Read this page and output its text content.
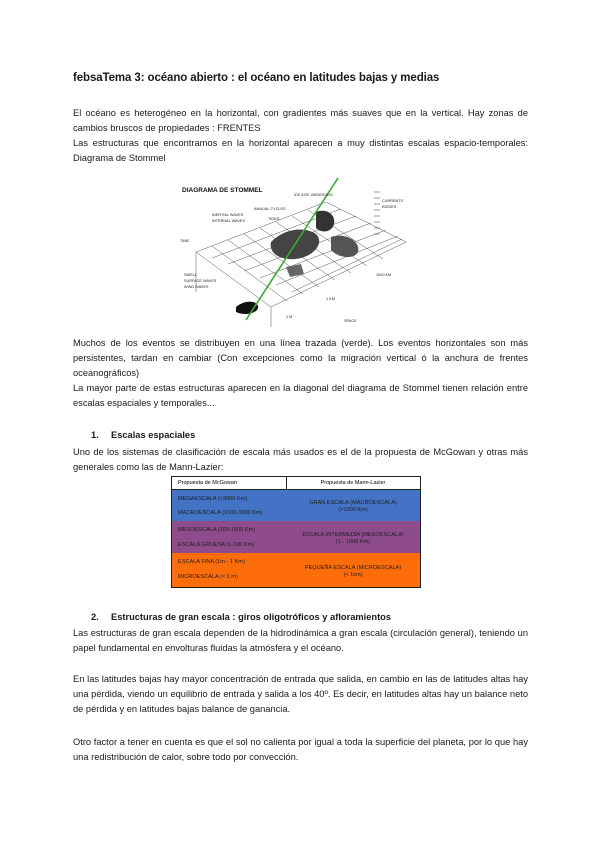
febsaTema 3: océano abierto : el océano en latitudes bajas y medias

El océano es heterogéneo en la horizontal, con gradientes más suaves que en la vertical. Hay zonas de cambios bruscos de propiedades : FRENTES

Las estructuras que encontramos en la horizontal aparecen a muy distintas escalas espacio-temporales: Diagrama de Stommel

DIAGRAMA DE STOMMEL
ICE AGE VARIATIONS
ANNUAL CYCLES
TIDES
INERTIAL WAVES
INTERNAL WAVES
SWELL
SURFACE WAVES
WIND WAVES
CURRENTS
EDDIES
1 M
1 KM
1000 KM
TIME
SPACE

Muchos de los eventos se distribuyen en una línea trazada (verde). Los eventos horizontales son más persistentes, tardan en cambiar (Con excepciones como la migración vertical ó la anchura de frentes oceanográficos)

La mayor parte de estas estructuras aparecen en la diagonal del diagrama de Stommel tienen relación entre escalas espaciales y temporales...

1. Escalas espaciales

Uno de los sistemas de clasificación de escala más usados es el de la propuesta de McGowan y otras más generales como las de Mann-Lazier:

Propuesta de McGowan
MEGAESCALA (>3000 Km)
MACROESCALA (1000-3000 Km)
MESOESCALA (100-1000 Km)
ESCALA GRUESA (1-100 Km)
ESCALA FINA (1m - 1 Km)
MICROESCALA (< 1 m)
Propuesta de Mann-Lazier
GRAN ESCALA (MACROESCALA)
(>1000 Km)
ESCALA INTERMEDIA (MESOESCALA)
(1 - 1000 Km)
PEQUEÑA ESCALA (MICROESCALA)
(< 1km)
2. Estructuras de gran escala : giros oligotróficos y afloramientos

Las estructuras de gran escala dependen de la hidrodinámica a gran escala (circulación general), teniendo un papel fundamental en envolturas fluidas la atmósfera y el océano.

En las latitudes bajas hay mayor concentración de entrada que salida, en cambio en las de latitudes altas hay una pérdida, viendo un equilibrio de entrada y salida a los 40º. Es decir, en latitudes altas hay un balance neto de pérdida y en latitudes bajas balance de ganancia.

Otro factor a tener en cuenta es que el sol no calienta por igual a toda la superficie del planeta, por lo que hay una redistribución de calor, sobre todo por convección.
